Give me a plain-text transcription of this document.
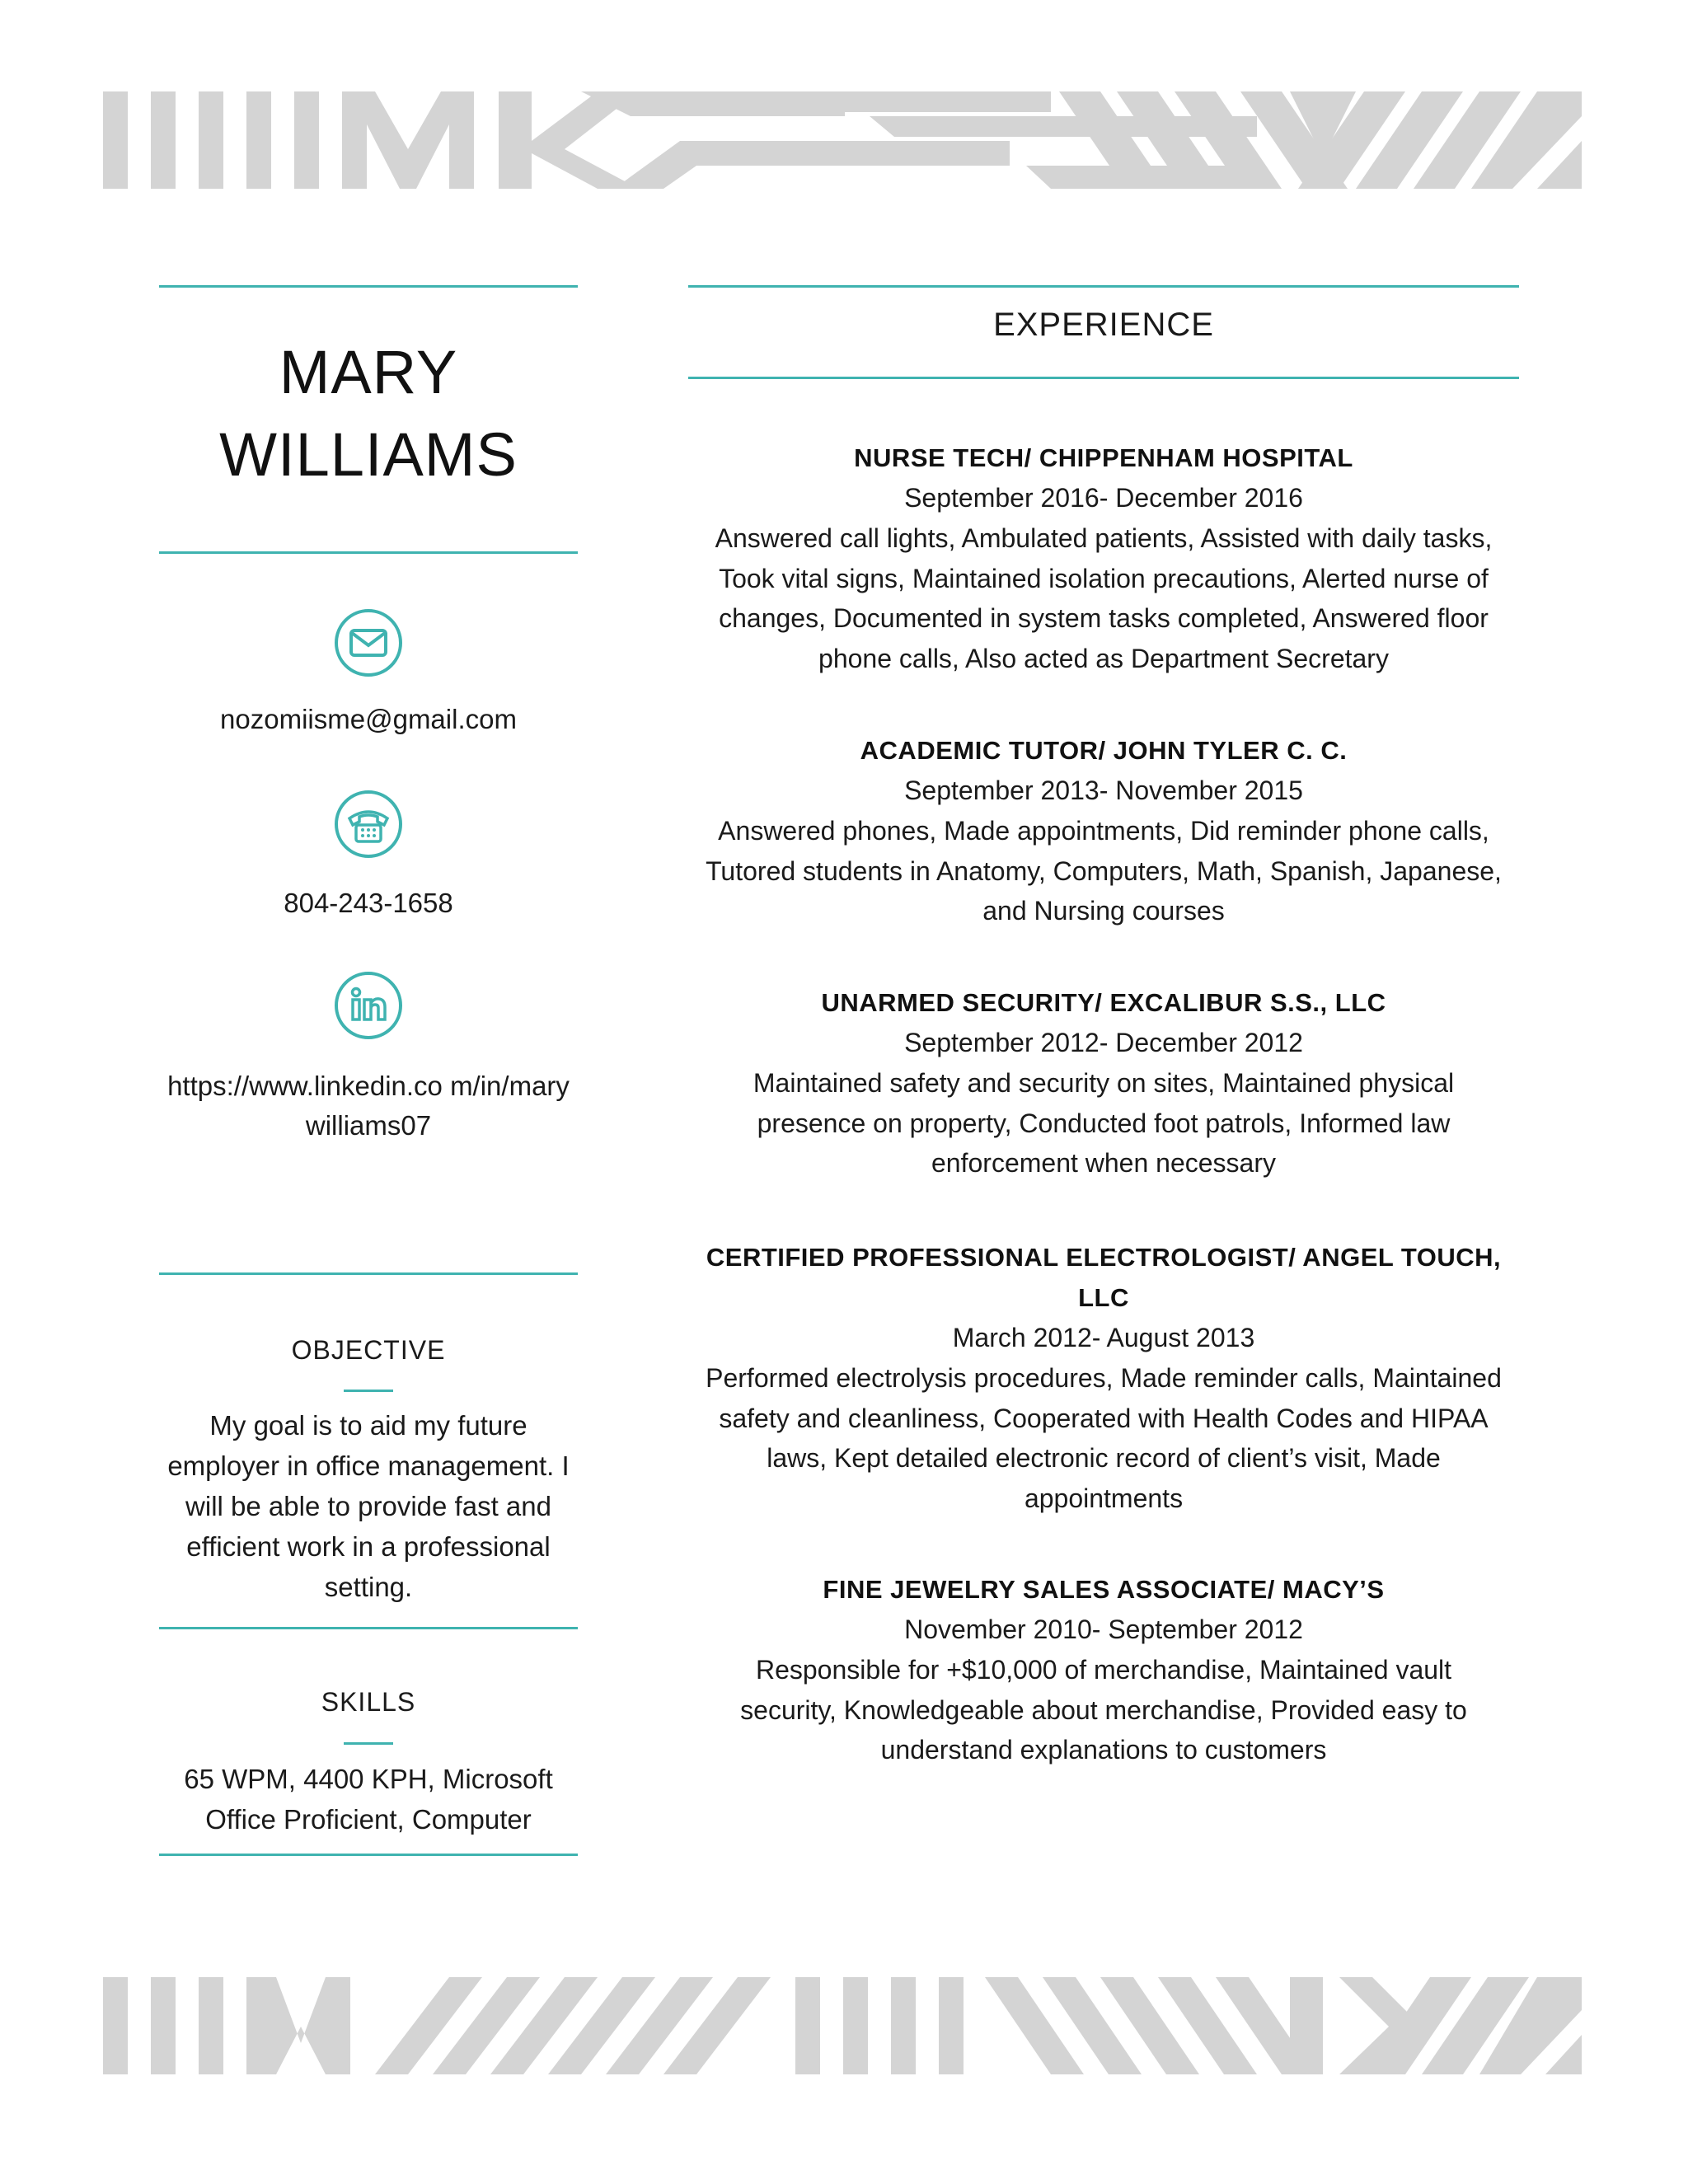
MARY
WILLIAMS
nozomiisme@gmail.com
804-243-1658
https://www.linkedin.co m/in/mary
williams07
OBJECTIVE
My goal is to aid my future employer in office management. I will be able to provide fast and efficient work in a professional setting.
SKILLS
65 WPM, 4400 KPH, Microsoft Office Proficient, Computer
EXPERIENCE
NURSE TECH/ CHIPPENHAM HOSPITAL
September 2016- December 2016
Answered call lights, Ambulated patients, Assisted with daily tasks, Took vital signs, Maintained isolation precautions, Alerted nurse of changes, Documented in system tasks completed, Answered floor phone calls, Also acted as Department Secretary
ACADEMIC TUTOR/ JOHN TYLER C. C.
September 2013- November 2015
Answered phones, Made appointments, Did reminder phone calls, Tutored students in Anatomy, Computers, Math, Spanish, Japanese, and Nursing courses
UNARMED SECURITY/ EXCALIBUR S.S., LLC
September 2012- December 2012
Maintained safety and security on sites, Maintained physical presence on property, Conducted foot patrols, Informed law enforcement when necessary
CERTIFIED PROFESSIONAL ELECTROLOGIST/ ANGEL TOUCH, LLC
March 2012- August 2013
Performed electrolysis procedures, Made reminder calls, Maintained safety and cleanliness, Cooperated with Health Codes and HIPAA laws, Kept detailed electronic record of client’s visit, Made appointments
FINE JEWELRY SALES ASSOCIATE/ MACY’S
November 2010- September 2012
Responsible for +$10,000 of merchandise, Maintained vault security, Knowledgeable about merchandise, Provided easy to understand explanations to customers
